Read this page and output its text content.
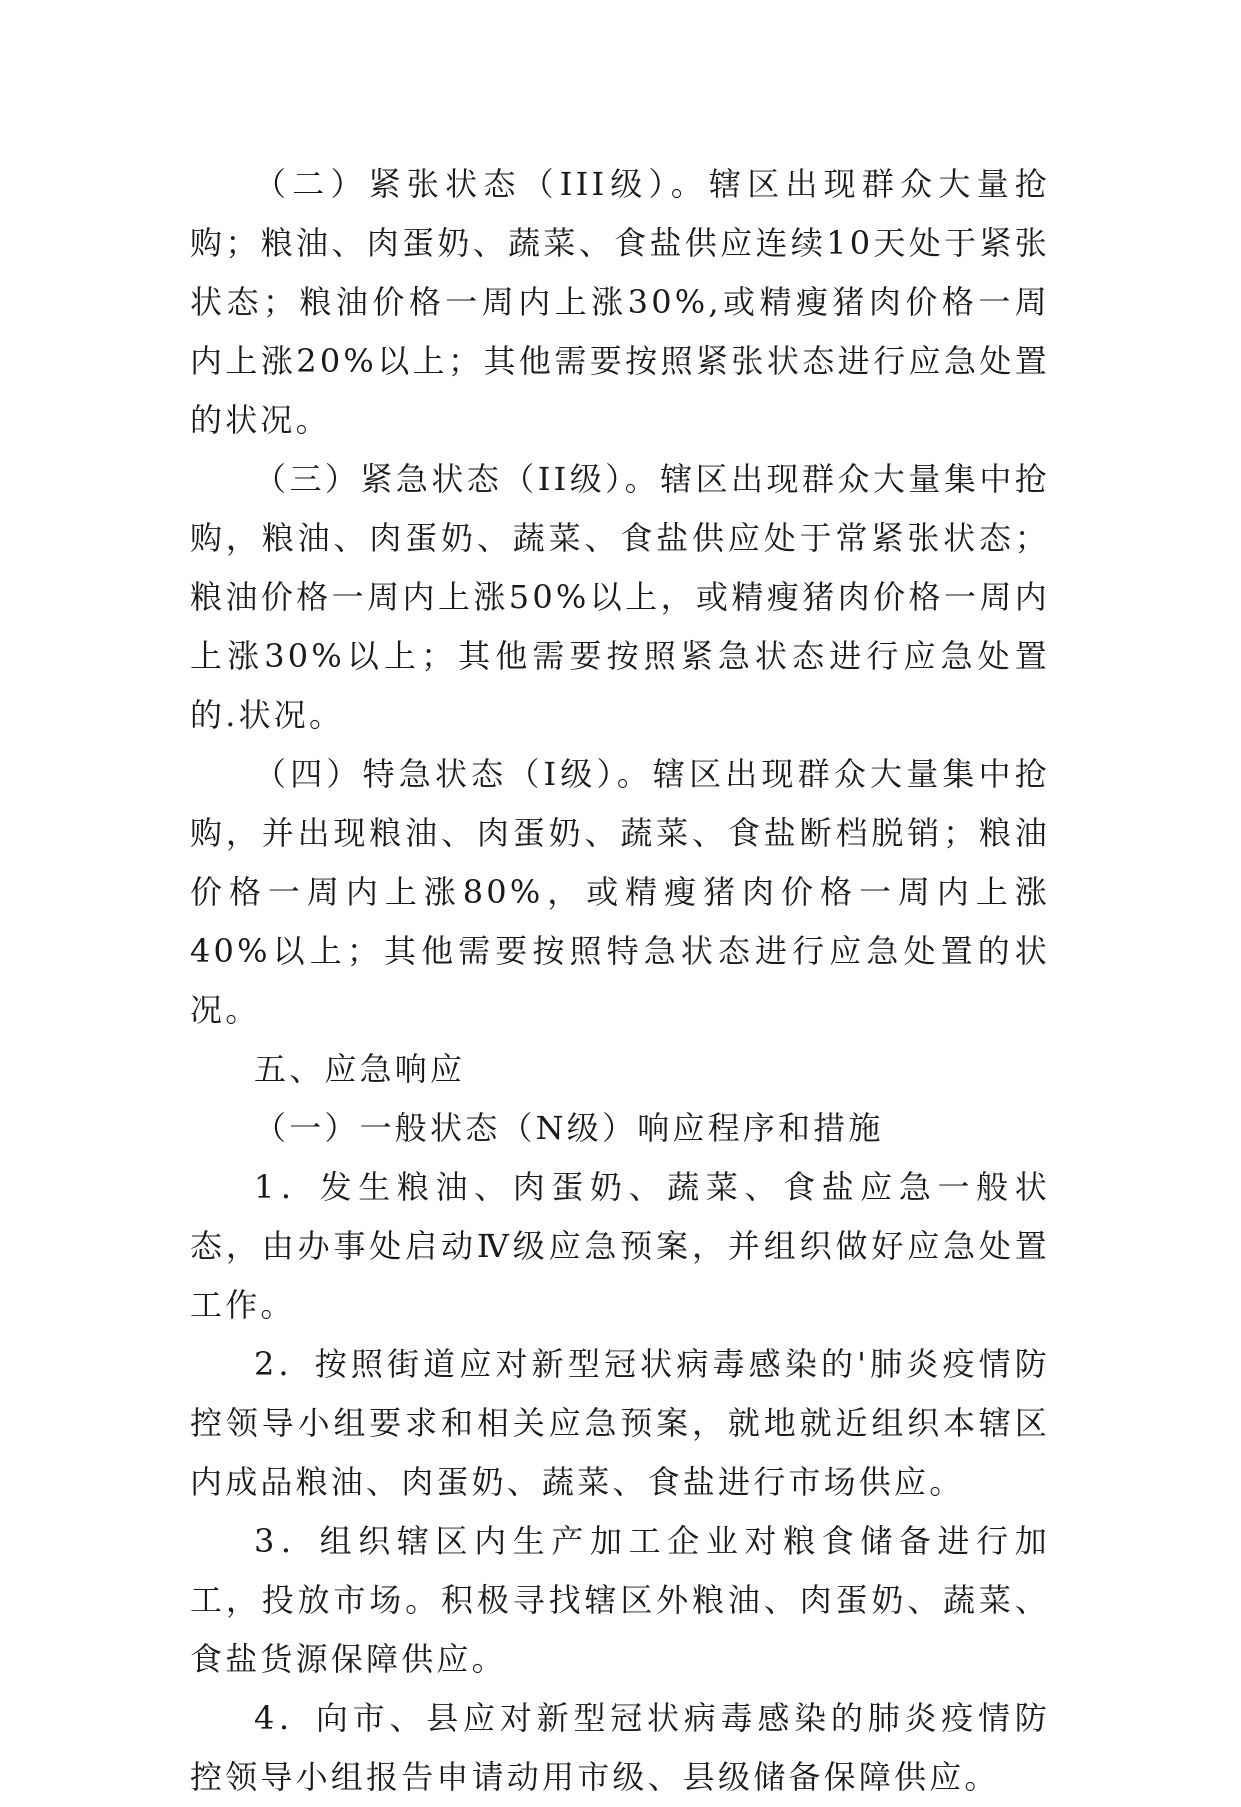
（二）紧张状态（III级）。辖区出现群众大量抢购；粮油、肉蛋奶、蔬菜、食盐供应连续10天处于紧张状态；粮油价格一周内上涨30%,或精瘦猪肉价格一周内上涨20%以上；其他需要按照紧张状态进行应急处置的状况。

（三）紧急状态（II级）。辖区出现群众大量集中抢购，粮油、肉蛋奶、蔬菜、食盐供应处于常紧张状态；粮油价格一周内上涨50%以上，或精瘦猪肉价格一周内上涨30%以上；其他需要按照紧急状态进行应急处置的.状况。

（四）特急状态（I级）。辖区出现群众大量集中抢购，并出现粮油、肉蛋奶、蔬菜、食盐断档脱销；粮油价格一周内上涨80%，或精瘦猪肉价格一周内上涨40%以上；其他需要按照特急状态进行应急处置的状况。

五、应急响应

（一）一般状态（N级）响应程序和措施

1．发生粮油、肉蛋奶、蔬菜、食盐应急一般状态，由办事处启动Ⅳ级应急预案，并组织做好应急处置工作。

2．按照街道应对新型冠状病毒感染的'肺炎疫情防控领导小组要求和相关应急预案，就地就近组织本辖区内成品粮油、肉蛋奶、蔬菜、食盐进行市场供应。

3．组织辖区内生产加工企业对粮食储备进行加工，投放市场。积极寻找辖区外粮油、肉蛋奶、蔬菜、食盐货源保障供应。

4．向市、县应对新型冠状病毒感染的肺炎疫情防控领导小组报告申请动用市级、县级储备保障供应。
